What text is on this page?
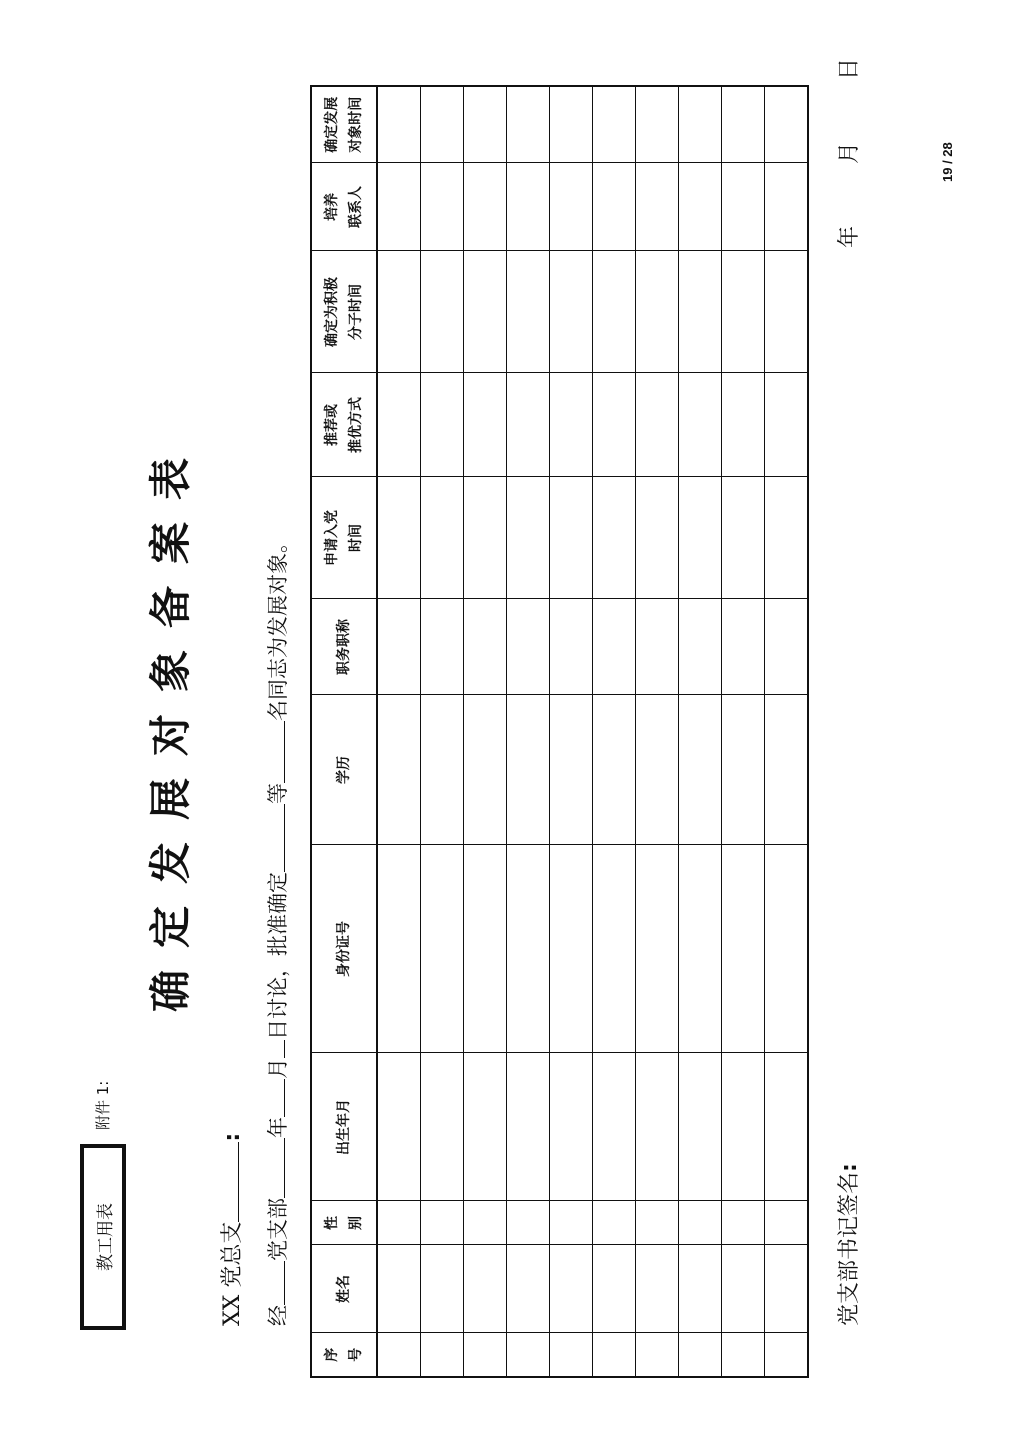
教工用表
附件 1:
确定发展对象备案表
XX 党总支:
经党支部年月日讨论，批准确定等名同志为发展对象。
序 号	姓名	性 别	出生年月	身份证号	学历	职务职称	申请入党 时间	推荐或 推优方式	确定为积极 分子时间	培养 联系人	确定发展 对象时间

党支部书记签名:
年月日
19 / 28
